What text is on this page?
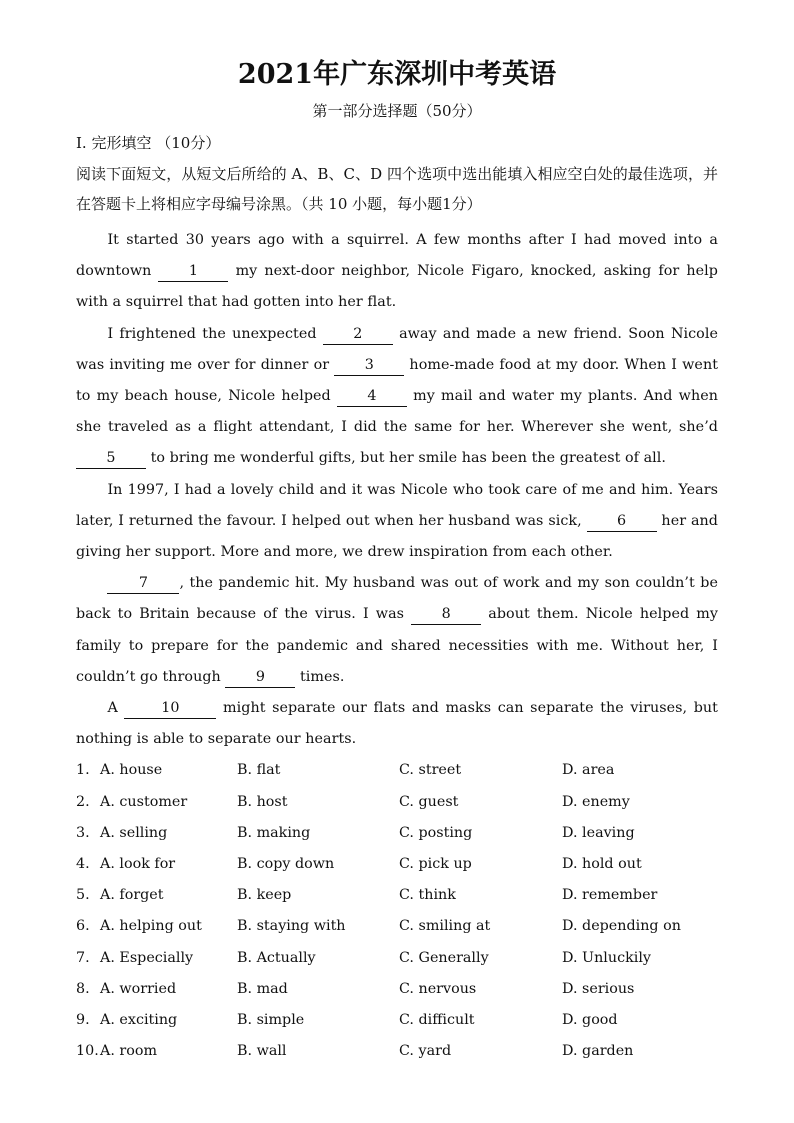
2021年广东深圳中考英语
第一部分选择题（50分）
I. 完形填空 （10分）
阅读下面短文，从短文后所给的 A、B、C、D 四个选项中选出能填入相应空白处的最佳选项，并在答题卡上将相应字母编号涂黑。（共 10 小题，每小题1分）

It started 30 years ago with a squirrel. A few months after I had moved into a downtown 1 my next-door neighbor, Nicole Figaro, knocked, asking for help with a squirrel that had gotten into her flat.

I frightened the unexpected 2 away and made a new friend. Soon Nicole was inviting me over for dinner or 3 home-made food at my door. When I went to my beach house, Nicole helped 4 my mail and water my plants. And when she traveled as a flight attendant, I did the same for her. Wherever she went, she’d 5 to bring me wonderful gifts, but her smile has been the greatest of all.

In 1997, I had a lovely child and it was Nicole who took care of me and him. Years later, I returned the favour. I helped out when her husband was sick, 6 her and giving her support. More and more, we drew inspiration from each other.

7 , the pandemic hit. My husband was out of work and my son couldn’t be back to Britain because of the virus. I was 8 about them. Nicole helped my family to prepare for the pandemic and shared necessities with me. Without her, I couldn’t go through 9 times.

A	10	might separate our flats and masks can separate the viruses, but nothing is able to separate our hearts.

1. A. house	B. flat	C. street	D. area
2. A. customer	B. host	C. guest	D. enemy
3. A. selling	B. making	C. posting	D. leaving
4. A. look for	B. copy down	C. pick up	D. hold out
5. A. forget	B. keep	C. think	D. remember
6. A. helping out	B. staying with	C. smiling at	D. depending on
7. A. Especially	B. Actually	C. Generally	D. Unluckily
8. A. worried	B. mad	C. nervous	D. serious
9. A. exciting	B. simple	C. difficult	D. good
10. A. room	B. wall	C. yard	D. garden
